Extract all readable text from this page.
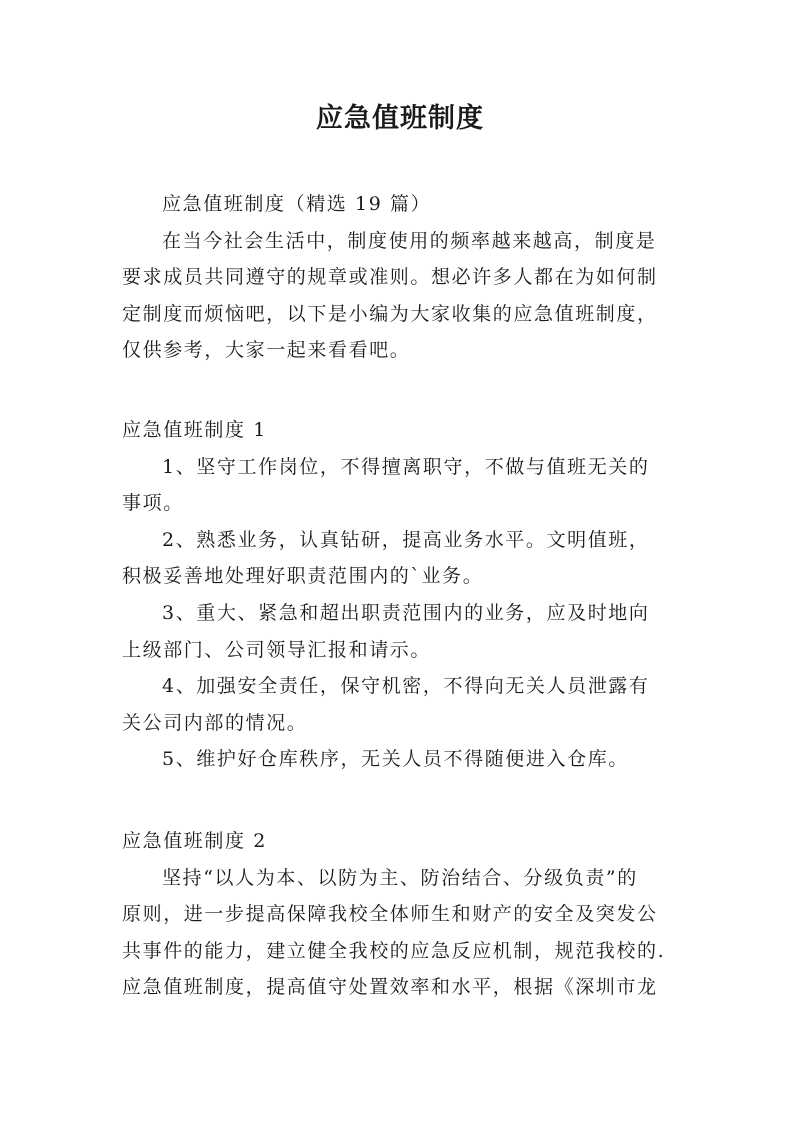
应急值班制度
应急值班制度（精选 19 篇）
在当今社会生活中，制度使用的频率越来越高，制度是
要求成员共同遵守的规章或准则。想必许多人都在为如何制
定制度而烦恼吧，以下是小编为大家收集的应急值班制度，
仅供参考，大家一起来看看吧。
应急值班制度 1
1、坚守工作岗位，不得擅离职守，不做与值班无关的
事项。
2、熟悉业务，认真钻研，提高业务水平。文明值班，
积极妥善地处理好职责范围内的`业务。
3、重大、紧急和超出职责范围内的业务，应及时地向
上级部门、公司领导汇报和请示。
4、加强安全责任，保守机密，不得向无关人员泄露有
关公司内部的情况。
5、维护好仓库秩序，无关人员不得随便进入仓库。
应急值班制度 2
坚持“以人为本、以防为主、防治结合、分级负责”的
原则，进一步提高保障我校全体师生和财产的安全及突发公
共事件的能力，建立健全我校的应急反应机制，规范我校的.
应急值班制度，提高值守处置效率和水平，根据《深圳市龙
